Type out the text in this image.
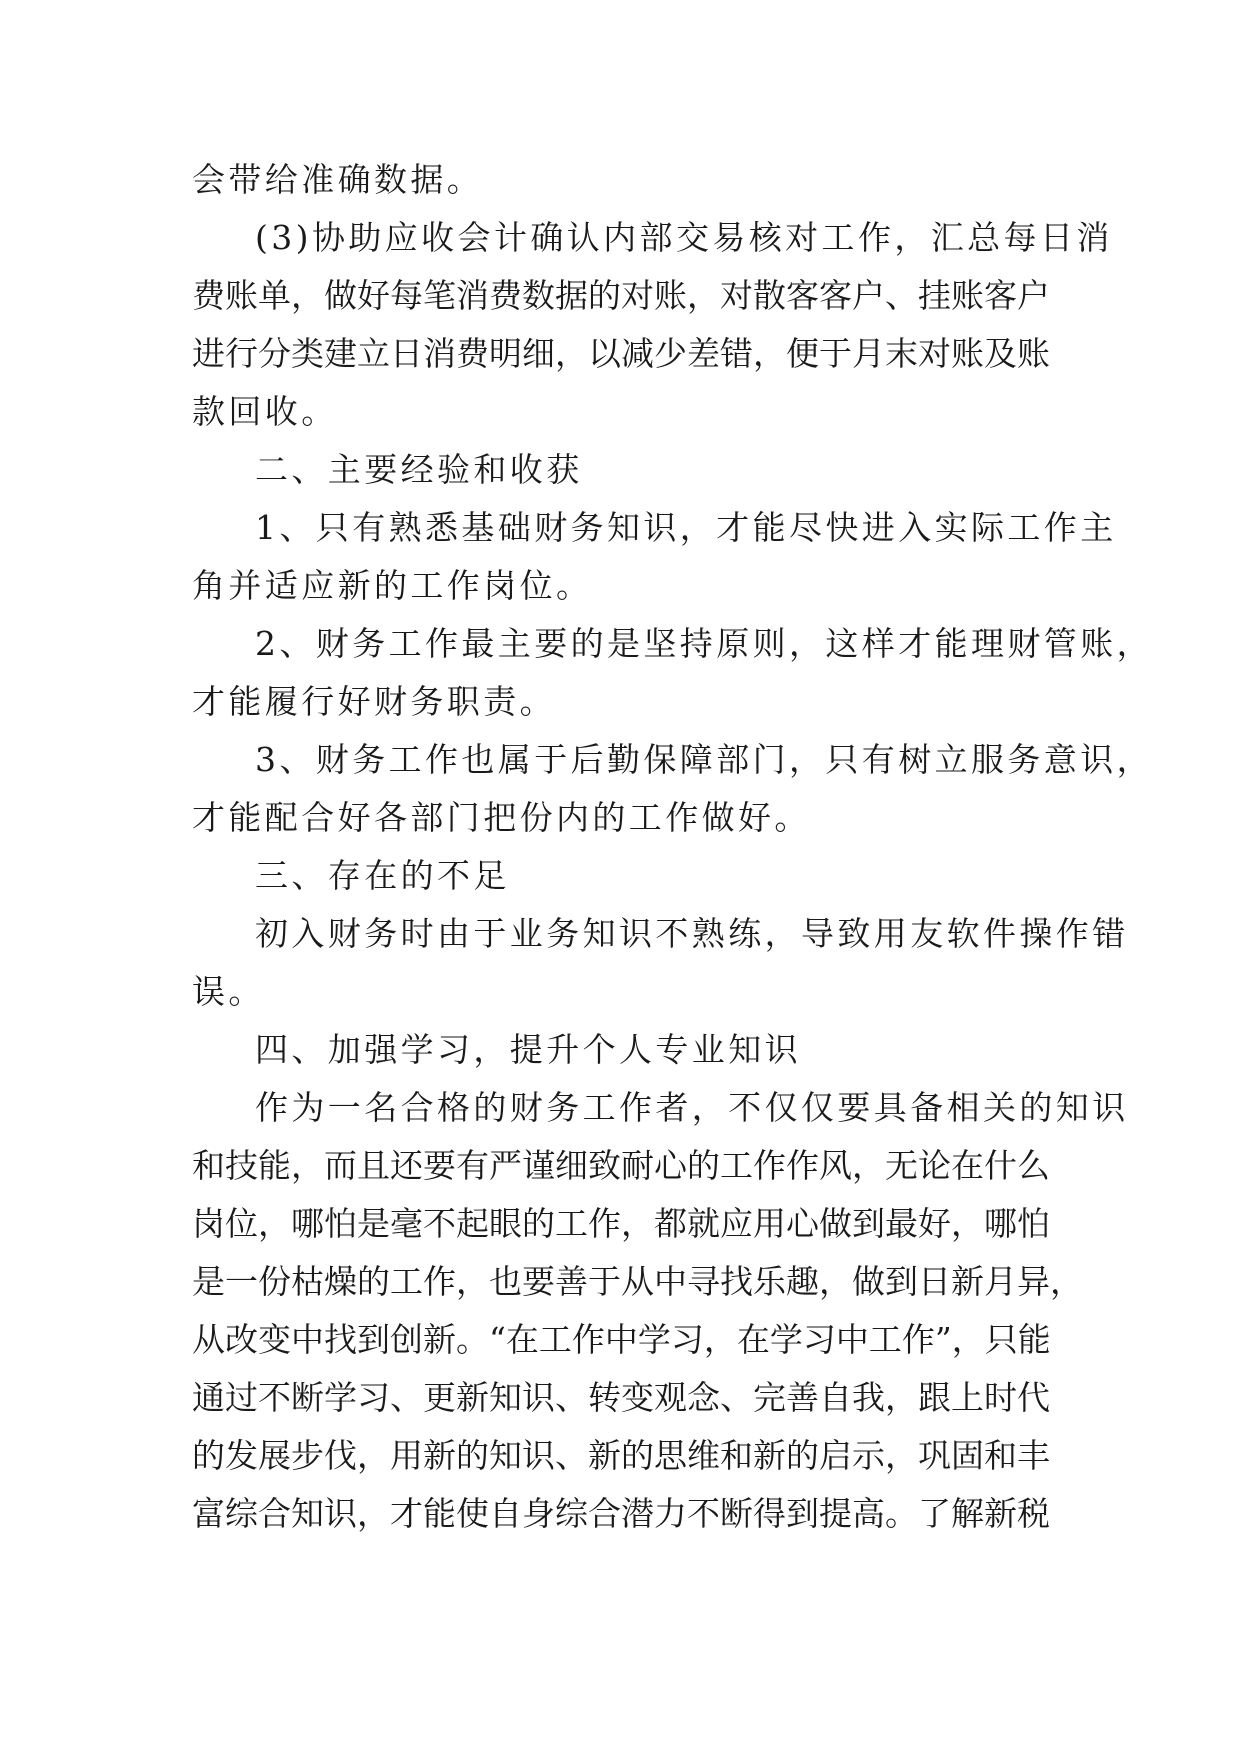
会带给准确数据。
(3)协助应收会计确认内部交易核对工作，汇总每日消
费 账 单 ， 做 好 每 笔 消 费 数 据 的 对 账 ， 对 散 客 客 户 、 挂 账 客 户
进 行 分 类 建 立 日 消 费 明 细 ， 以 减 少 差 错 ， 便 于 月 末 对 账 及 账
款回收。
二、主要经验和收获
1、只有熟悉基础财务知识，才能尽快进入实际工作主
角并适应新的工作岗位。
2、财务工作最主要的是坚持原则，这样才能理财管账，
才能履行好财务职责。
3、财务工作也属于后勤保障部门，只有树立服务意识，
才能配合好各部门把份内的工作做好。
三、存在的不足
初入财务时由于业务知识不熟练，导致用友软件操作错
误。
四、加强学习，提升个人专业知识
作为一名合格的财务工作者，不仅仅要具备相关的知识
和 技 能 ， 而 且 还 要 有 严 谨 细 致 耐 心 的 工 作 作 风 ， 无 论 在 什 么
岗 位 ， 哪 怕 是 毫 不 起 眼 的 工 作 ， 都 就 应 用 心 做 到 最 好 ， 哪 怕
是 一 份 枯 燥 的 工 作 ， 也 要 善 于 从 中 寻 找 乐 趣 ， 做 到 日 新 月 异 ，
从 改 变 中 找 到 创 新 。 “ 在 工 作 中 学 习 ， 在 学 习 中 工 作 ” ， 只 能
通 过 不 断 学 习 、 更 新 知 识 、 转 变 观 念 、 完 善 自 我 ， 跟 上 时 代
的 发 展 步 伐 ， 用 新 的 知 识 、 新 的 思 维 和 新 的 启 示 ， 巩 固 和 丰
富 综 合 知 识 ， 才 能 使 自 身 综 合 潜 力 不 断 得 到 提 高 。 了 解 新 税
